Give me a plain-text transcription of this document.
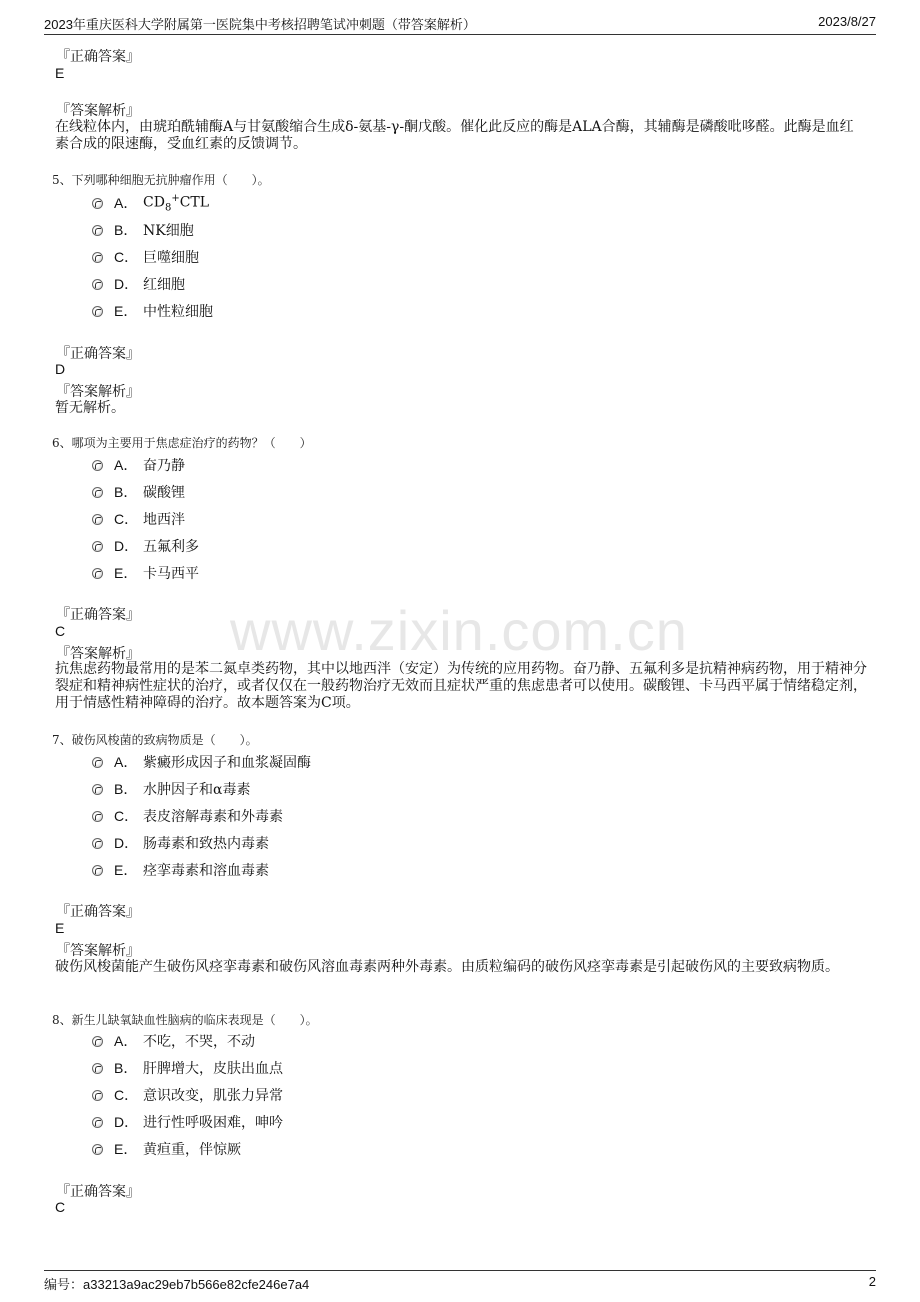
2023年重庆医科大学附属第一医院集中考核招聘笔试冲刺题（带答案解析）	2023/8/27
www.zixin.com.cn
『正确答案』
E
『答案解析』
在线粒体内，由琥珀酰辅酶A与甘氨酸缩合生成δ-氨基-γ-酮戊酸。催化此反应的酶是ALA合酶，其辅酶是磷酸吡哆醛。此酶是血红素合成的限速酶，受血红素的反馈调节。
5、下列哪种细胞无抗肿瘤作用（　　）。
A． $CD_8^+CTL$
B． NK细胞
C． 巨噬细胞
D． 红细胞
E． 中性粒细胞
『正确答案』
D
『答案解析』
暂无解析。
6、哪项为主要用于焦虑症治疗的药物？（　　）
A． 奋乃静
B． 碳酸锂
C． 地西泮
D． 五氟利多
E． 卡马西平
『正确答案』
C
『答案解析』
抗焦虑药物最常用的是苯二氮卓类药物，其中以地西泮（安定）为传统的应用药物。奋乃静、五氟利多是抗精神病药物，用于精神分裂症和精神病性症状的治疗，或者仅仅在一般药物治疗无效而且症状严重的焦虑患者可以使用。碳酸锂、卡马西平属于情绪稳定剂，用于情感性精神障碍的治疗。故本题答案为C项。
7、破伤风梭菌的致病物质是（　　）。
A． 紫癜形成因子和血浆凝固酶
B． 水肿因子和α毒素
C． 表皮溶解毒素和外毒素
D． 肠毒素和致热内毒素
E． 痉挛毒素和溶血毒素
『正确答案』
E
『答案解析』
破伤风梭菌能产生破伤风痉挛毒素和破伤风溶血毒素两种外毒素。由质粒编码的破伤风痉挛毒素是引起破伤风的主要致病物质。
8、新生儿缺氧缺血性脑病的临床表现是（　　）。
A． 不吃，不哭，不动
B． 肝脾增大，皮肤出血点
C． 意识改变，肌张力异常
D． 进行性呼吸困难，呻吟
E． 黄疸重，伴惊厥
『正确答案』
C
编号：a33213a9ac29eb7b566e82cfe246e7a4	2
